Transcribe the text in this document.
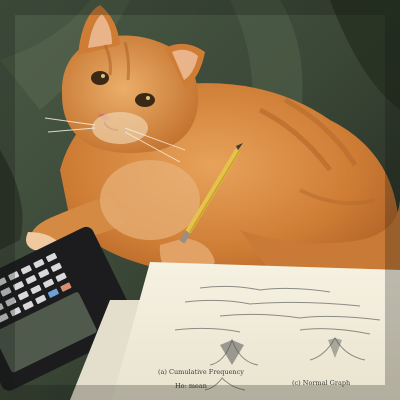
(a) Cumulative Frequency
Ho: mean	(c) Normal Graph
